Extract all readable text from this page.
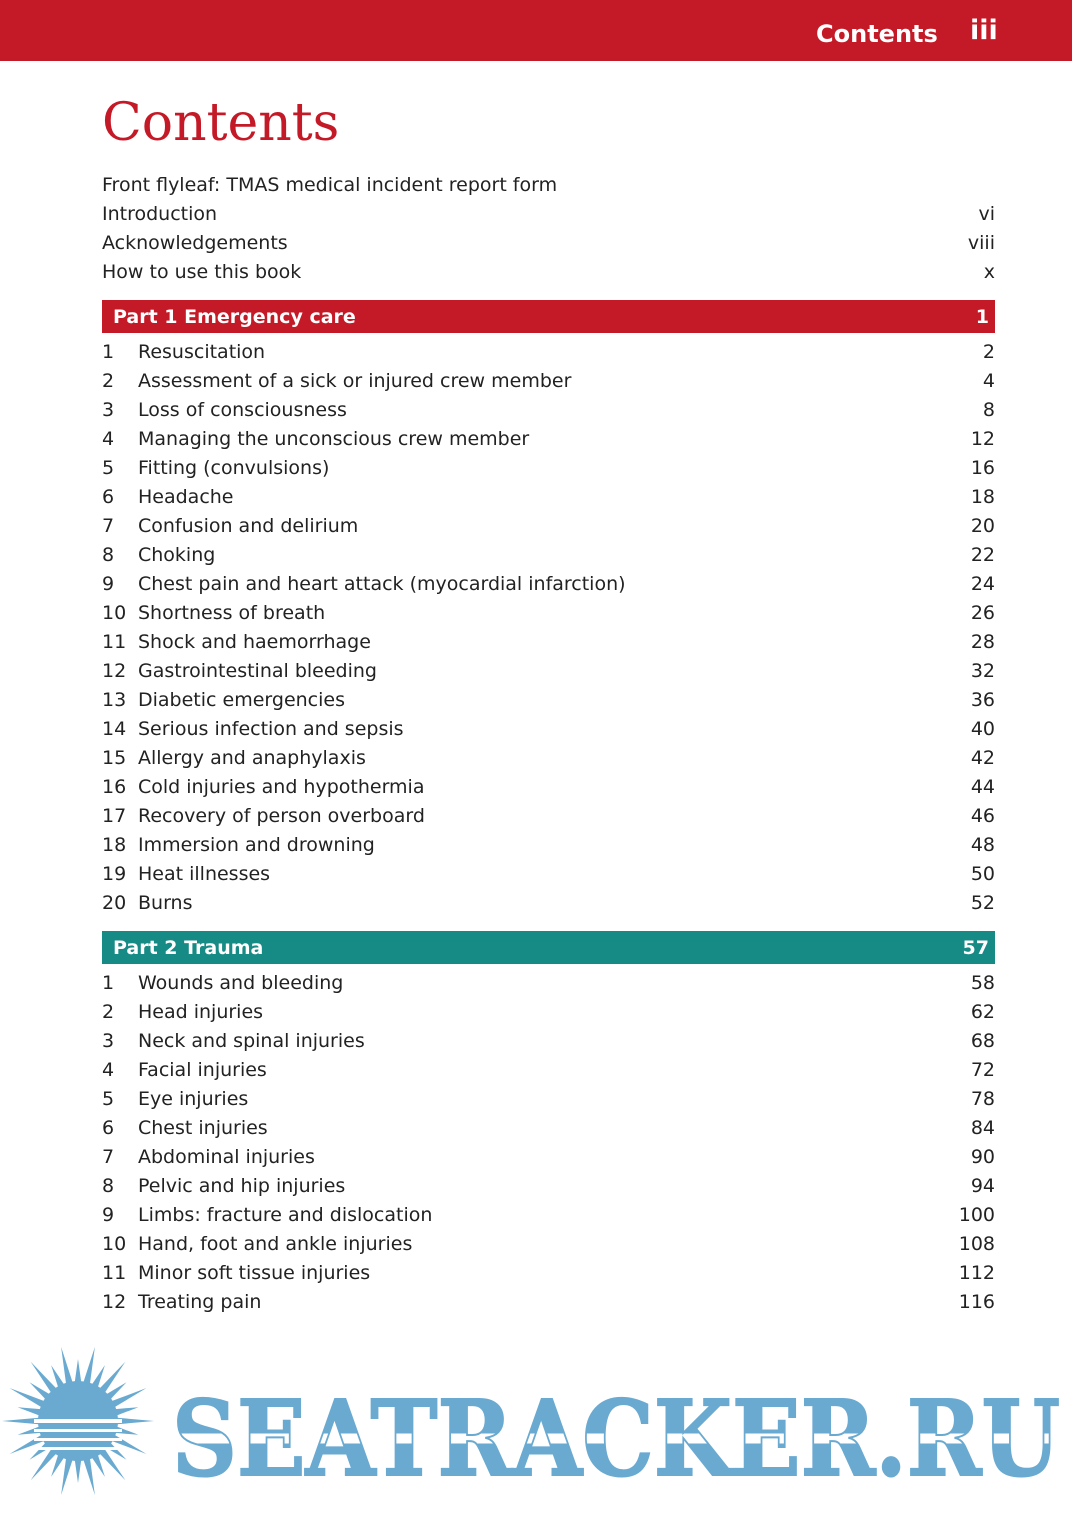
Contents iii
Contents
Front flyleaf: TMAS medical incident report form
Introduction	vi
Acknowledgements	viii
How to use this book	x
Part 1 Emergency care	1
1	Resuscitation	2
2	Assessment of a sick or injured crew member	4
3	Loss of consciousness	8
4	Managing the unconscious crew member	12
5	Fitting (convulsions)	16
6	Headache	18
7	Confusion and delirium	20
8	Choking	22
9	Chest pain and heart attack (myocardial infarction)	24
10 Shortness of breath	26
11 Shock and haemorrhage	28
12 Gastrointestinal bleeding	32
13 Diabetic emergencies	36
14 Serious infection and sepsis	40
15 Allergy and anaphylaxis	42
16 Cold injuries and hypothermia	44
17 Recovery of person overboard	46
18 Immersion and drowning	48
19 Heat illnesses	50
20 Burns	52
Part 2 Trauma	57
1	Wounds and bleeding	58
2	Head injuries	62
3	Neck and spinal injuries	68
4	Facial injuries	72
5	Eye injuries	78
6	Chest injuries	84
7	Abdominal injuries	90
8	Pelvic and hip injuries	94
9	Limbs: fracture and dislocation	100
10 Hand, foot and ankle injuries	108
11 Minor soft tissue injuries	112
12 Treating pain	116
SEATRACKER.RU
